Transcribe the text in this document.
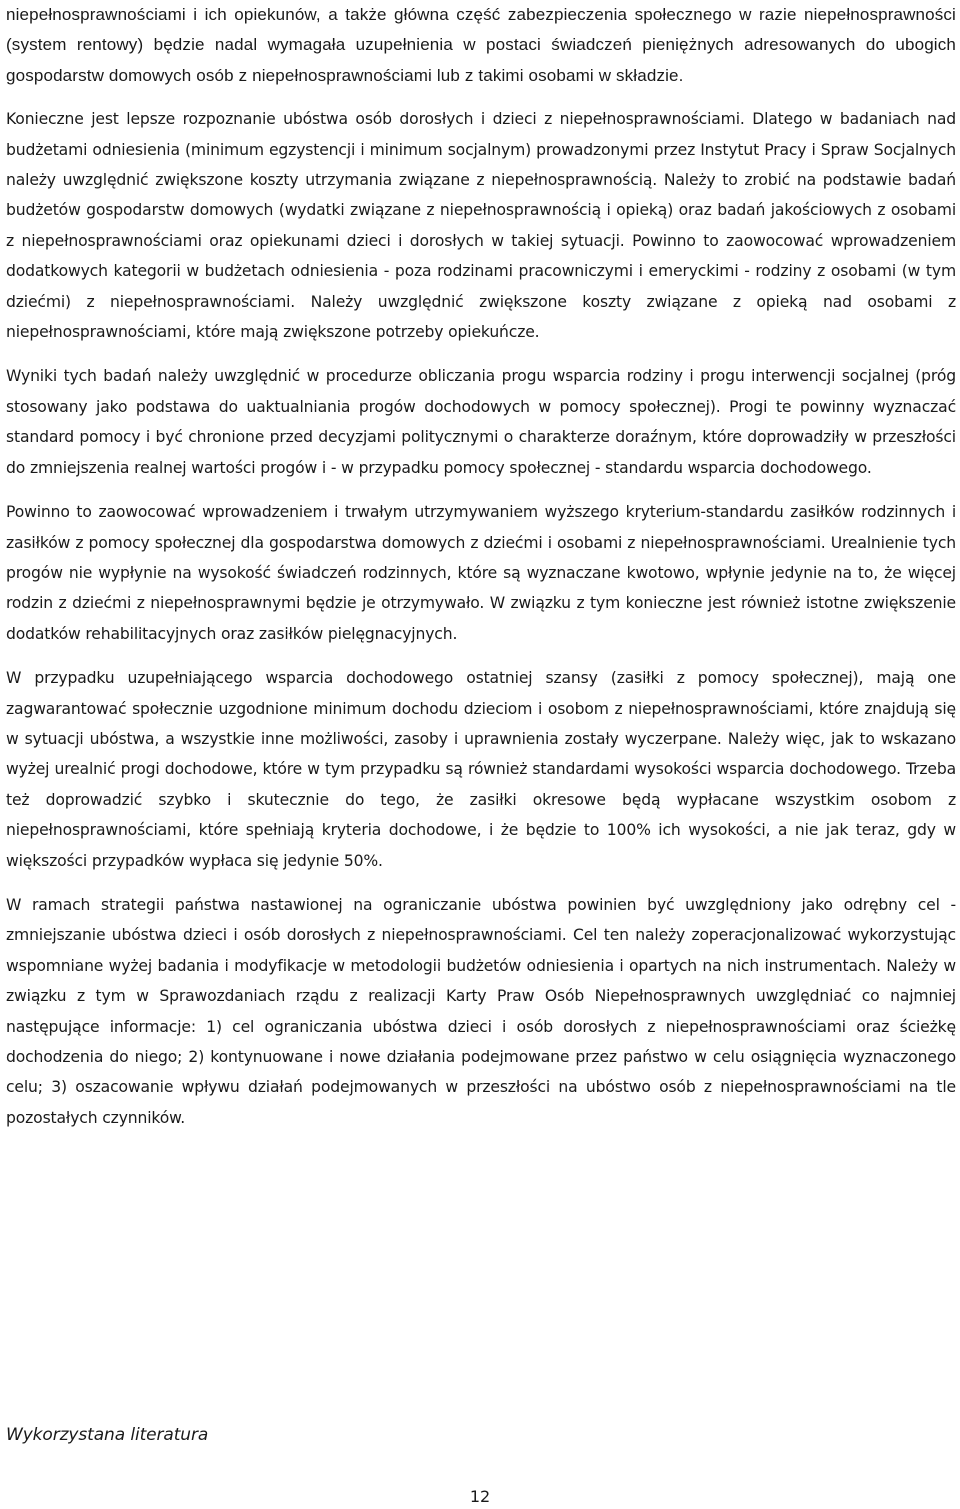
niepełnosprawnościami i ich opiekunów, a także główna część zabezpieczenia społecznego w razie niepełnosprawności (system rentowy) będzie nadal wymagała uzupełnienia w postaci świadczeń pieniężnych adresowanych do ubogich gospodarstw domowych osób z niepełnosprawnościami lub z takimi osobami w składzie.

Konieczne jest lepsze rozpoznanie ubóstwa osób dorosłych i dzieci z niepełnosprawnościami. Dlatego w badaniach nad budżetami odniesienia (minimum egzystencji i minimum socjalnym) prowadzonymi przez Instytut Pracy i Spraw Socjalnych należy uwzględnić zwiększone koszty utrzymania związane z niepełnosprawnością. Należy to zrobić na podstawie badań budżetów gospodarstw domowych (wydatki związane z niepełnosprawnością i opieką) oraz badań jakościowych z osobami z niepełnosprawnościami oraz opiekunami dzieci i dorosłych w takiej sytuacji. Powinno to zaowocować wprowadzeniem dodatkowych kategorii w budżetach odniesienia - poza rodzinami pracowniczymi i emeryckimi - rodziny z osobami (w tym dziećmi) z niepełnosprawnościami. Należy uwzględnić zwiększone koszty związane z opieką nad osobami z niepełnosprawnościami, które mają zwiększone potrzeby opiekuńcze.

Wyniki tych badań należy uwzględnić w procedurze obliczania progu wsparcia rodziny i progu interwencji socjalnej (próg stosowany jako podstawa do uaktualniania progów dochodowych w pomocy społecznej). Progi te powinny wyznaczać standard pomocy i być chronione przed decyzjami politycznymi o charakterze doraźnym, które doprowadziły w przeszłości do zmniejszenia realnej wartości progów i - w przypadku pomocy społecznej - standardu wsparcia dochodowego.

Powinno to zaowocować wprowadzeniem i trwałym utrzymywaniem wyższego kryterium-standardu zasiłków rodzinnych i zasiłków z pomocy społecznej dla gospodarstwa domowych z dziećmi i osobami z niepełnosprawnościami. Urealnienie tych progów nie wypłynie na wysokość świadczeń rodzinnych, które są wyznaczane kwotowo, wpłynie jedynie na to, że więcej rodzin z dziećmi z niepełnosprawnymi będzie je otrzymywało. W związku z tym konieczne jest również istotne zwiększenie dodatków rehabilitacyjnych oraz zasiłków pielęgnacyjnych.

W przypadku uzupełniającego wsparcia dochodowego ostatniej szansy (zasiłki z pomocy społecznej), mają one zagwarantować społecznie uzgodnione minimum dochodu dzieciom i osobom z niepełnosprawnościami, które znajdują się w sytuacji ubóstwa, a wszystkie inne możliwości, zasoby i uprawnienia zostały wyczerpane. Należy więc, jak to wskazano wyżej urealnić progi dochodowe, które w tym przypadku są również standardami wysokości wsparcia dochodowego. Trzeba też doprowadzić szybko i skutecznie do tego, że zasiłki okresowe będą wypłacane wszystkim osobom z niepełnosprawnościami, które spełniają kryteria dochodowe, i że będzie to 100% ich wysokości, a nie jak teraz, gdy w większości przypadków wypłaca się jedynie 50%.

W ramach strategii państwa nastawionej na ograniczanie ubóstwa powinien być uwzględniony jako odrębny cel - zmniejszanie ubóstwa dzieci i osób dorosłych z niepełnosprawnościami. Cel ten należy zoperacjonalizować wykorzystując wspomniane wyżej badania i modyfikacje w metodologii budżetów odniesienia i opartych na nich instrumentach. Należy w związku z tym w Sprawozdaniach rządu z realizacji Karty Praw Osób Niepełnosprawnych uwzględniać co najmniej następujące informacje: 1) cel ograniczania ubóstwa dzieci i osób dorosłych z niepełnosprawnościami oraz ścieżkę dochodzenia do niego; 2) kontynuowane i nowe działania podejmowane przez państwo w celu osiągnięcia wyznaczonego celu; 3) oszacowanie wpływu działań podejmowanych w przeszłości na ubóstwo osób z niepełnosprawnościami na tle pozostałych czynników.

Wykorzystana literatura

12
